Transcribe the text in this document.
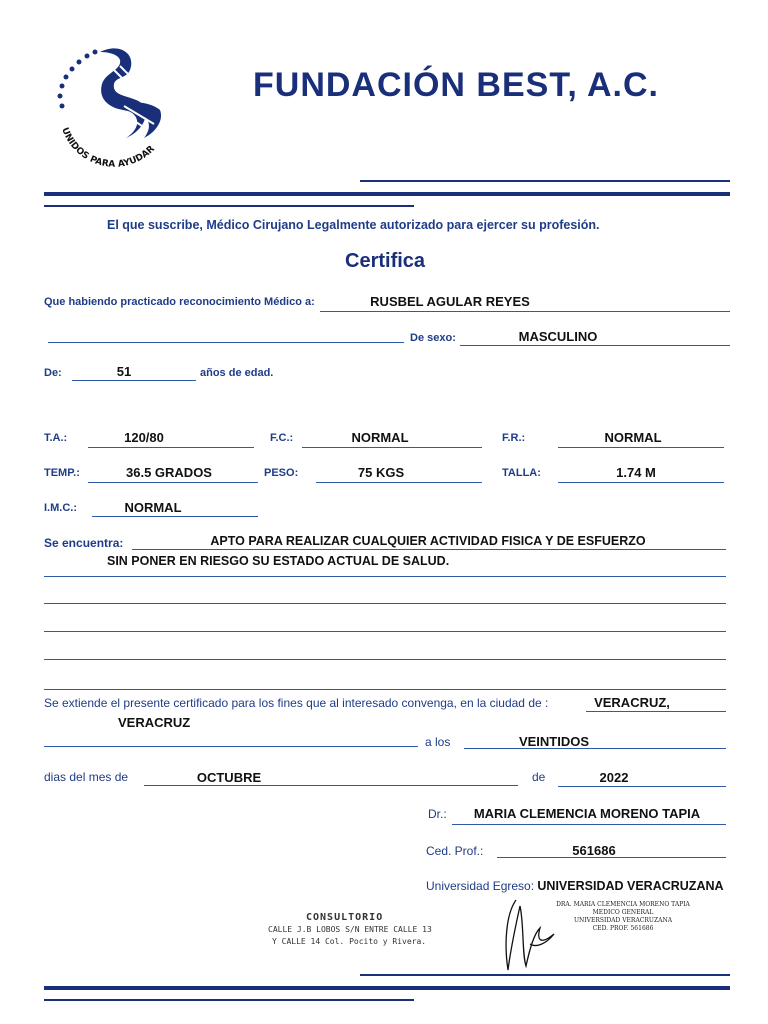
UNIDOS PARA AYUDAR
FUNDACIÓN BEST, A.C.
El que suscribe, Médico Cirujano Legalmente autorizado para ejercer su profesión.
Certifica
Que habiendo practicado reconocimiento Médico a:	RUSBEL AGULAR REYES
De sexo:	MASCULINO
De:	51	años de edad.
T.A.:	120/80	F.C.:	NORMAL	F.R.:	NORMAL
TEMP.:	36.5 GRADOS	PESO:	75 KGS	TALLA:	1.74 M
I.M.C.:	NORMAL
Se encuentra:	APTO PARA REALIZAR CUALQUIER ACTIVIDAD FISICA Y DE ESFUERZO
SIN PONER EN RIESGO SU ESTADO ACTUAL DE SALUD.
Se extiende el presente certificado para los fines que al interesado convenga, en la ciudad de :	VERACRUZ,
VERACRUZ
a los	VEINTIDOS
dias del mes de	OCTUBRE	de	2022
Dr.:	MARIA CLEMENCIA MORENO TAPIA
Ced. Prof.:	561686
Universidad Egreso: UNIVERSIDAD VERACRUZANA
CONSULTORIO
CALLE J.B LOBOS S/N ENTRE CALLE 13
Y CALLE 14 Col. Pocito y Rivera.
DRA. MARIA CLEMENCIA MORENO TAPIA
MEDICO GENERAL
UNIVERSIDAD VERACRUZANA
CED. PROF. 561686
